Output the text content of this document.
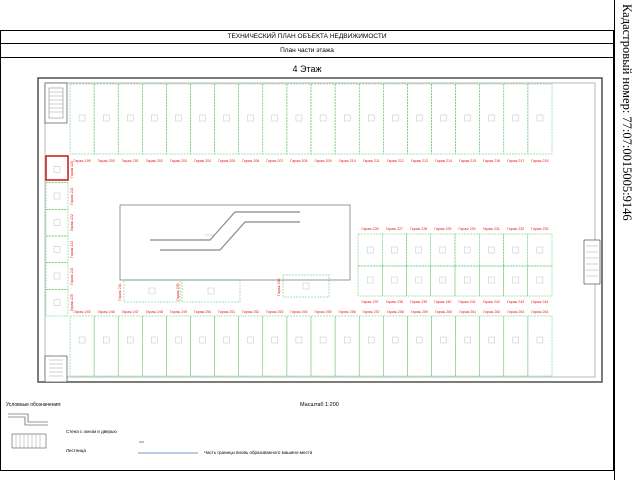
ТЕХНИЧЕСКИЙ ПЛАН ОБЪЕКТА НЕДВИЖИМОСТИ
План части этажа
4 Этаж
Гараж 199 Гараж 200 Гараж 201 Гараж 202 Гараж 203 Гараж 204 Гараж 205 Гараж 206 Гараж 207 Гараж 208 Гараж 209 Гараж 210 Гараж 211 Гараж 212 Гараж 213 Гараж 214 Гараж 215 Гараж 216 Гараж 217 Гараж 218
Гараж 245 Гараж 246 Гараж 247 Гараж 248 Гараж 249 Гараж 250 Гараж 251 Гараж 252 Гараж 253 Гараж 254 Гараж 255 Гараж 256 Гараж 257 Гараж 258 Гараж 259 Гараж 260 Гараж 261 Гараж 262 Гараж 263 Гараж 264
Гараж 220
Гараж 221
Гараж 222
Гараж 223
Гараж 224
Гараж 225
Гараж 226 Гараж 227 Гараж 228 Гараж 229 Гараж 230 Гараж 231 Гараж 232 Гараж 233
Гараж 237 Гараж 238 Гараж 239 Гараж 240 Гараж 241 Гараж 242 Гараж 243 Гараж 244
Гараж 234	Гараж 235	Гараж 236
Масштаб 1:200
Условные обозначения:
Стена с окном и дверью
Лестница	Часть границы вновь образованного машино-места
Кадастровый номер: 77:07:0015005:9146
